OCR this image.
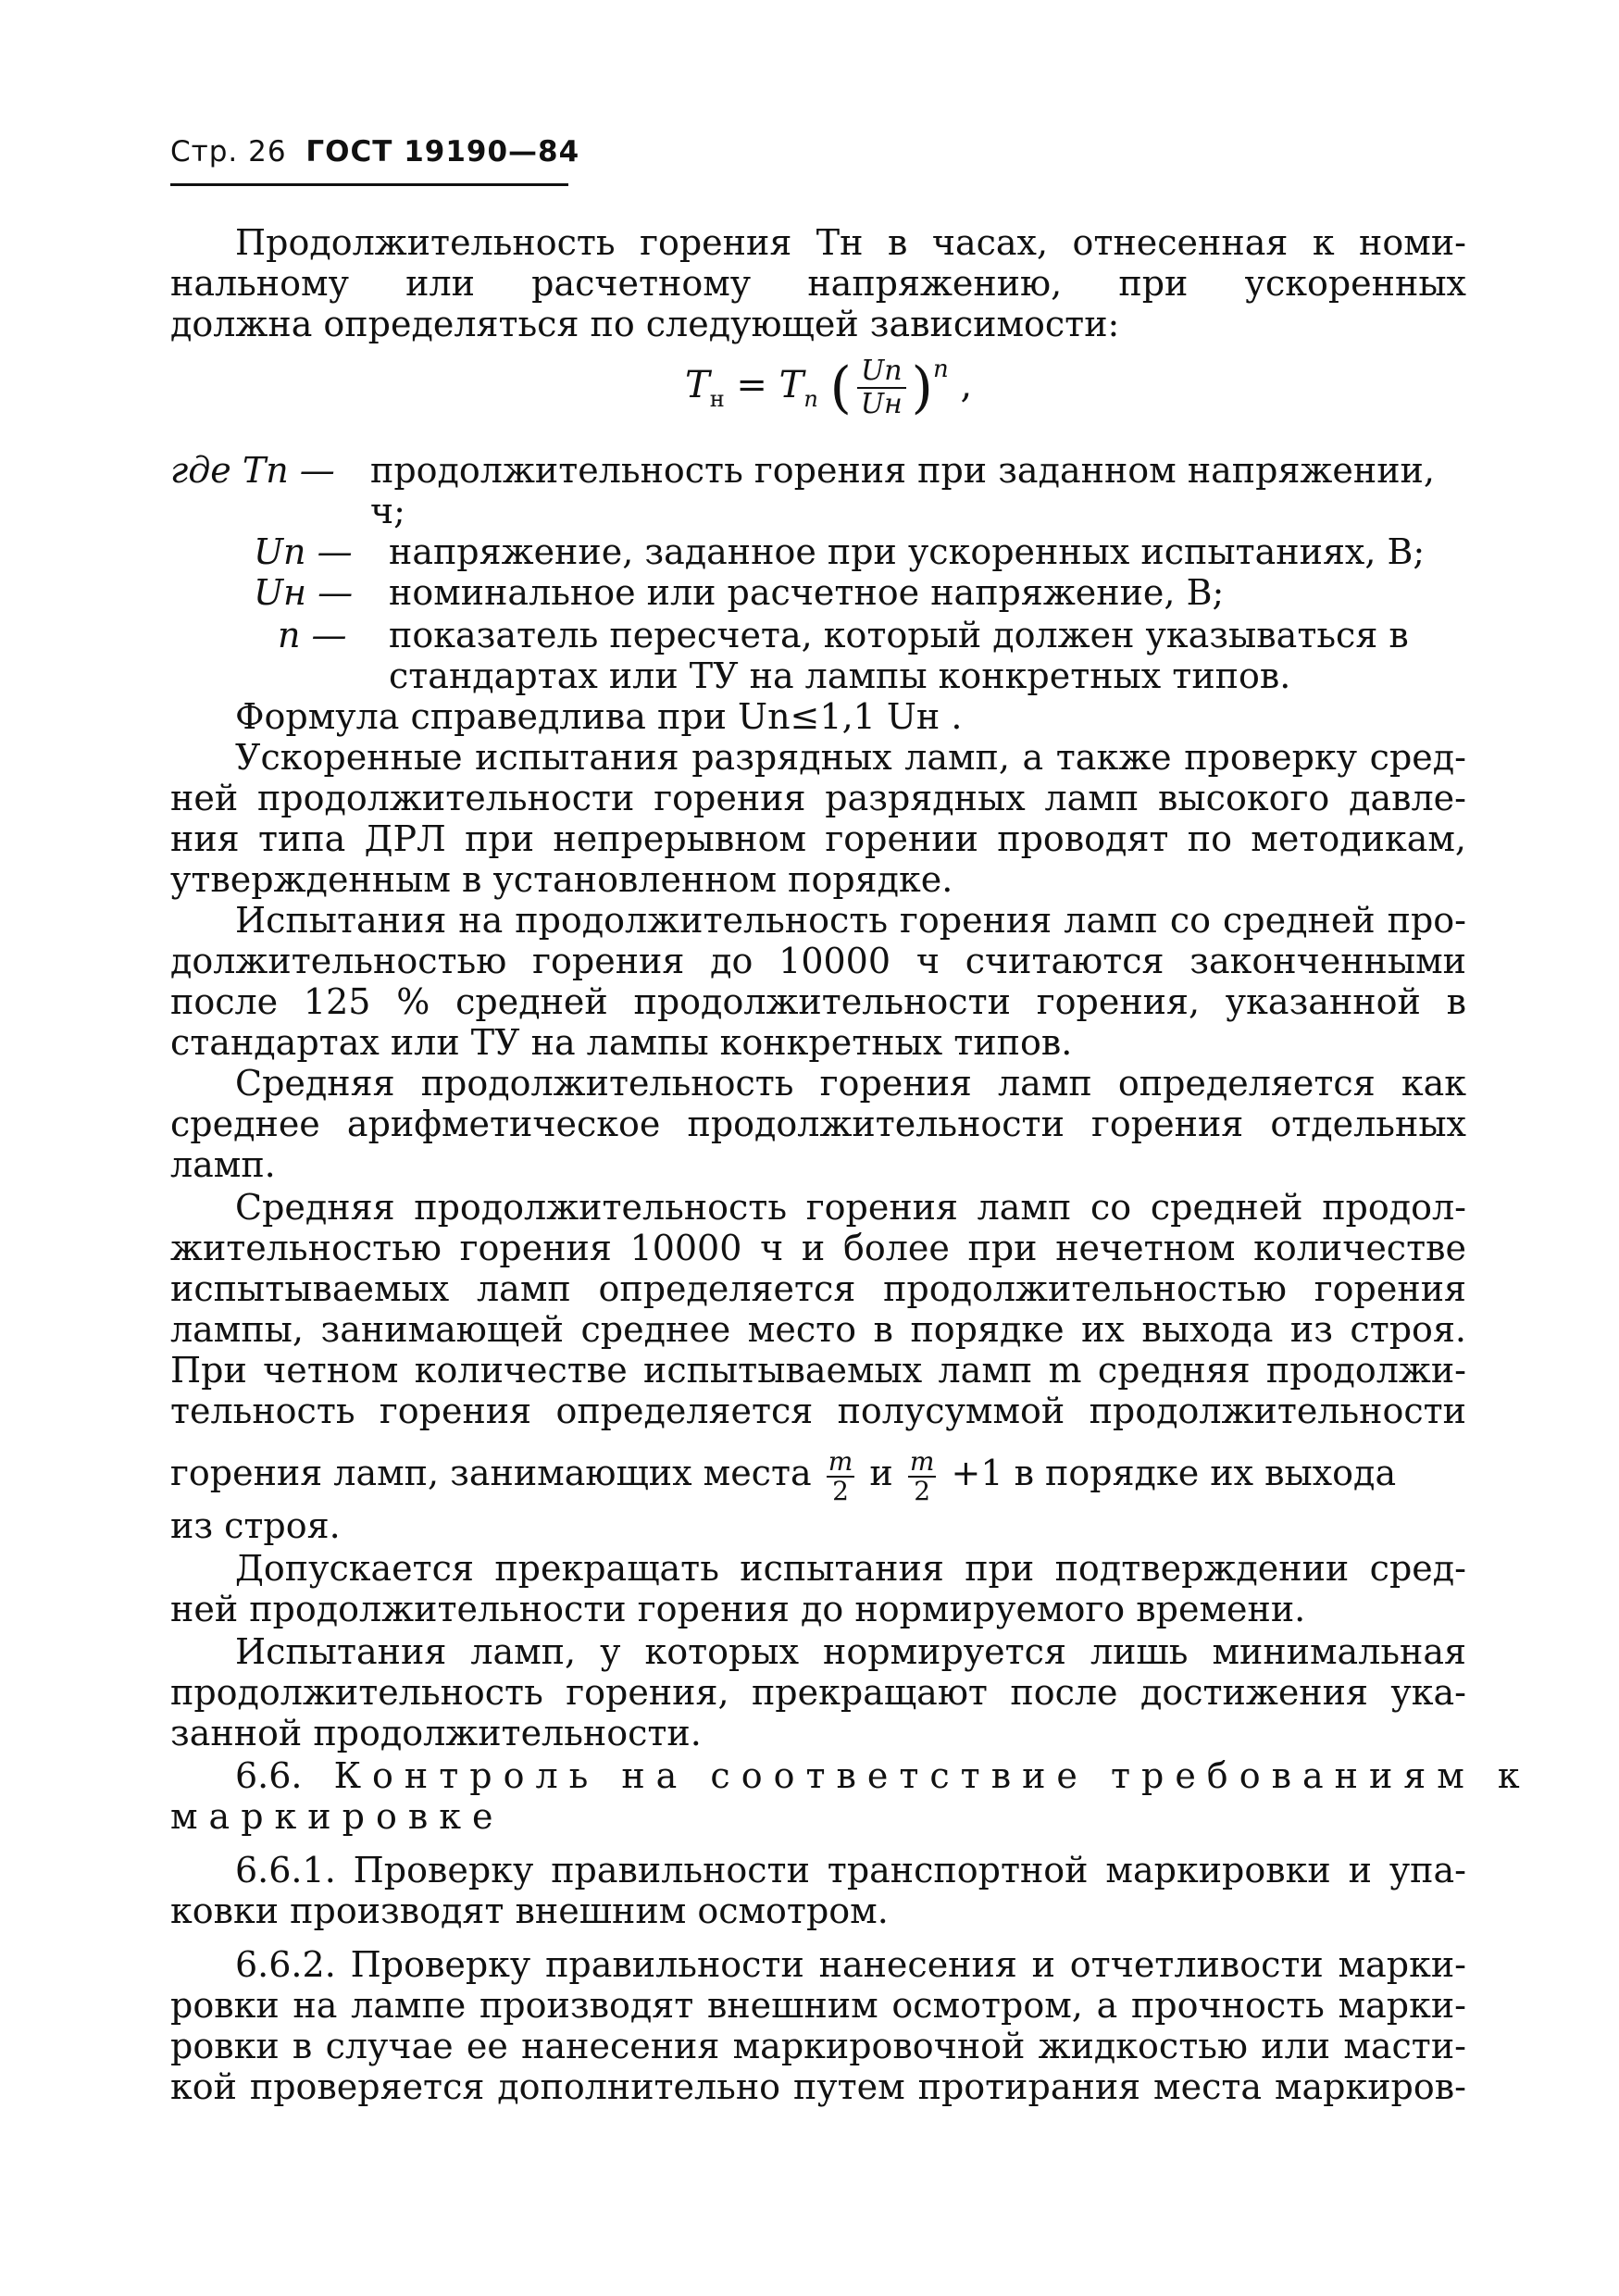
Стр. 26 ГОСТ 19190—84
Продолжительность горения Tн в часах, отнесенная к номи-
нальному или расчетному напряжению, при ускоренных
должна определяться по следующей зависимости:
$T_н = T_n$ ( $\frac{Un}{Uн} )^n$ ,
где Tn — продолжительность горения при заданном напряжении,
ч;
Un — напряжение, заданное при ускоренных испытаниях, В;
Uн — номинальное или расчетное напряжение, В;
n — показатель пересчета, который должен указываться в
стандартах или ТУ на лампы конкретных типов.
Формула справедлива при Un≤1,1 Uн .
Ускоренные испытания разрядных ламп, а также проверку сред-
ней продолжительности горения разрядных ламп высокого давле-
ния типа ДРЛ при непрерывном горении проводят по методикам,
утвержденным в установленном порядке.
Испытания на продолжительность горения ламп со средней про-
должительностью горения до 10000 ч считаются законченными
после 125 % средней продолжительности горения, указанной в
стандартах или ТУ на лампы конкретных типов.
Средняя продолжительность горения ламп определяется как
среднее арифметическое продолжительности горения отдельных
ламп.
Средняя продолжительность горения ламп со средней продол-
жительностью горения 10000 ч и более при нечетном количестве
испытываемых ламп определяется продолжительностью горения
лампы, занимающей среднее место в порядке их выхода из строя.
При четном количестве испытываемых ламп m средняя продолжи-
тельность горения определяется полусуммой продолжительности
горения ламп, занимающих места $\frac{m}{2}$ и $\frac{m}{2} +1$ в порядке их выхода
из строя.
Допускается прекращать испытания при подтверждении сред-
ней продолжительности горения до нормируемого времени.
Испытания ламп, у которых нормируется лишь минимальная
продолжительность горения, прекращают после достижения ука-
занной продолжительности.
6.6. Контроль на соответствие требованиям к
маркировке
6.6.1. Проверку правильности транспортной маркировки и упа-
ковки производят внешним осмотром.
6.6.2. Проверку правильности нанесения и отчетливости марки-
ровки на лампе производят внешним осмотром, а прочность марки-
ровки в случае ее нанесения маркировочной жидкостью или масти-
кой проверяется дополнительно путем протирания места маркиров-
